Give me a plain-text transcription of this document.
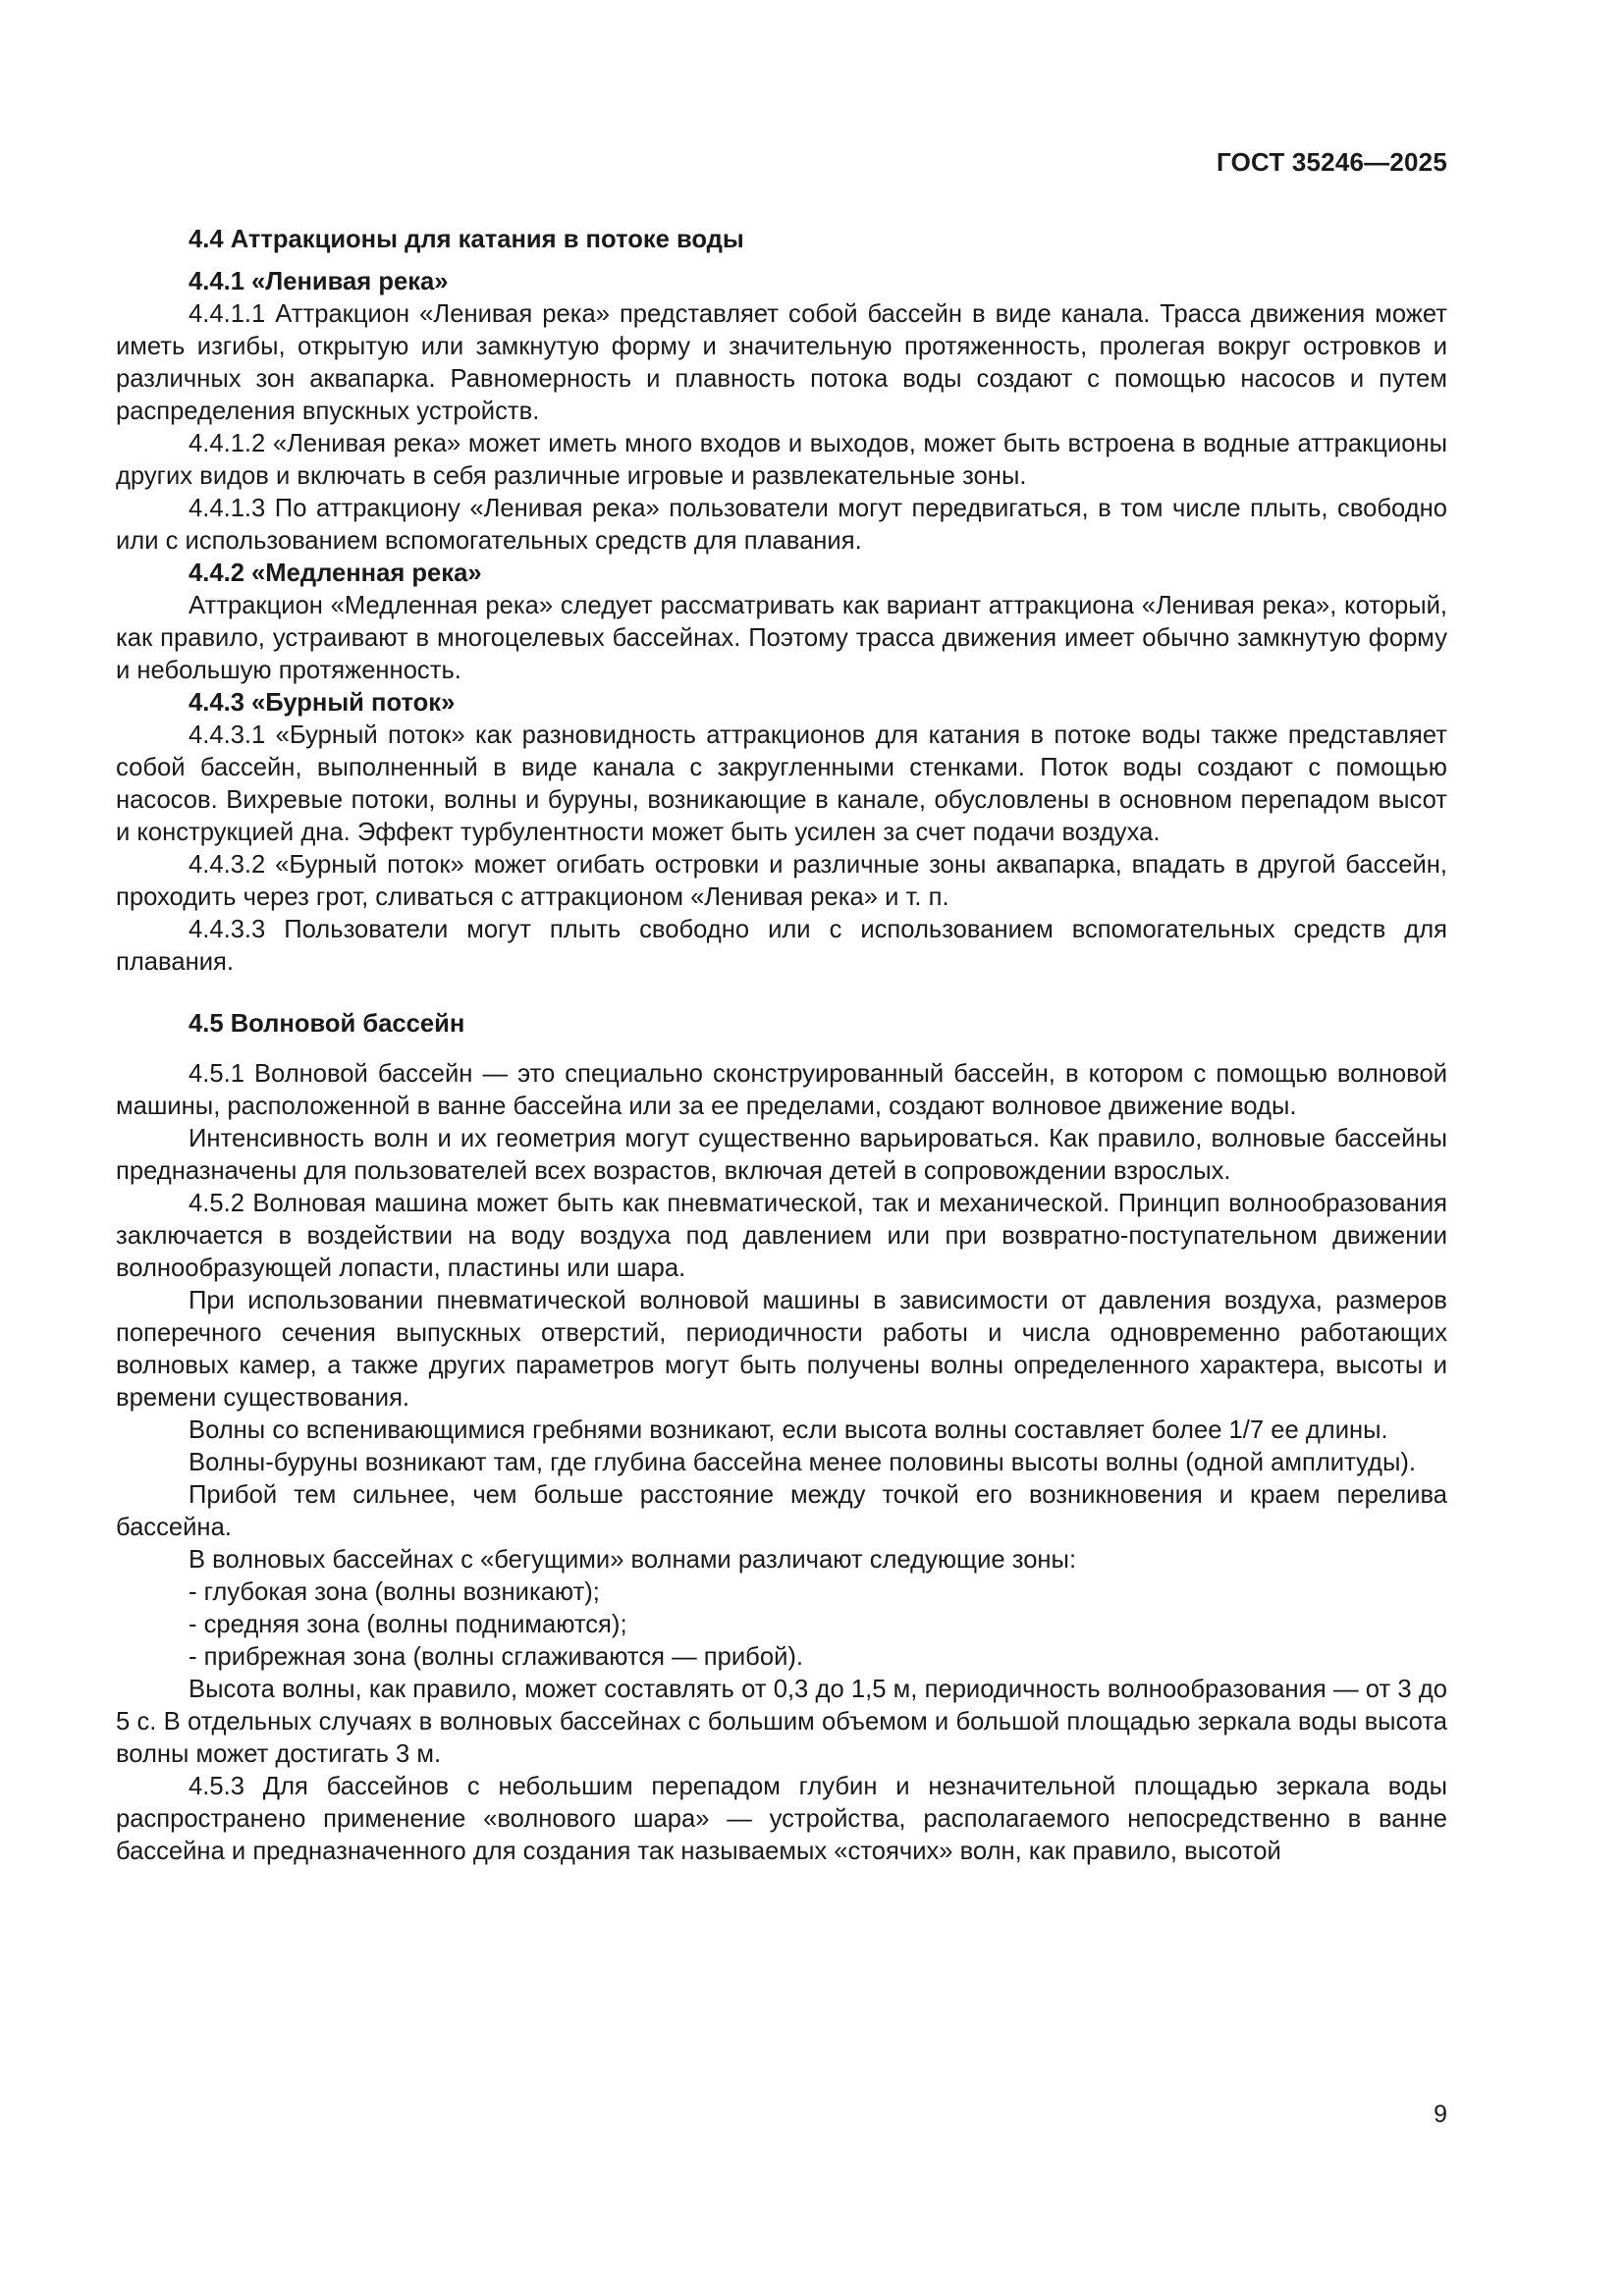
ГОСТ 35246—2025
4.4 Аттракционы для катания в потоке воды
4.4.1 «Ленивая река»

4.4.1.1 Аттракцион «Ленивая река» представляет собой бассейн в виде канала. Трасса движения может иметь изгибы, открытую или замкнутую форму и значительную протяженность, пролегая вокруг островков и различных зон аквапарка. Равномерность и плавность потока воды создают с помощью насосов и путем распределения впускных устройств.

4.4.1.2 «Ленивая река» может иметь много входов и выходов, может быть встроена в водные аттракционы других видов и включать в себя различные игровые и развлекательные зоны.

4.4.1.3 По аттракциону «Ленивая река» пользователи могут передвигаться, в том числе плыть, свободно или с использованием вспомогательных средств для плавания.

4.4.2 «Медленная река»

Аттракцион «Медленная река» следует рассматривать как вариант аттракциона «Ленивая река», который, как правило, устраивают в многоцелевых бассейнах. Поэтому трасса движения имеет обычно замкнутую форму и небольшую протяженность.

4.4.3 «Бурный поток»

4.4.3.1 «Бурный поток» как разновидность аттракционов для катания в потоке воды также представляет собой бассейн, выполненный в виде канала с закругленными стенками. Поток воды создают с помощью насосов. Вихревые потоки, волны и буруны, возникающие в канале, обусловлены в основном перепадом высот и конструкцией дна. Эффект турбулентности может быть усилен за счет подачи воздуха.

4.4.3.2 «Бурный поток» может огибать островки и различные зоны аквапарка, впадать в другой бассейн, проходить через грот, сливаться с аттракционом «Ленивая река» и т. п.

4.4.3.3 Пользователи могут плыть свободно или с использованием вспомогательных средств для плавания.

4.5 Волновой бассейн

4.5.1 Волновой бассейн — это специально сконструированный бассейн, в котором с помощью волновой машины, расположенной в ванне бассейна или за ее пределами, создают волновое движение воды.

Интенсивность волн и их геометрия могут существенно варьироваться. Как правило, волновые бассейны предназначены для пользователей всех возрастов, включая детей в сопровождении взрослых.

4.5.2 Волновая машина может быть как пневматической, так и механической. Принцип волнообразования заключается в воздействии на воду воздуха под давлением или при возвратно-поступательном движении волнообразующей лопасти, пластины или шара.

При использовании пневматической волновой машины в зависимости от давления воздуха, размеров поперечного сечения выпускных отверстий, периодичности работы и числа одновременно работающих волновых камер, а также других параметров могут быть получены волны определенного характера, высоты и времени существования.

Волны со вспенивающимися гребнями возникают, если высота волны составляет более 1/7 ее длины.

Волны-буруны возникают там, где глубина бассейна менее половины высоты волны (одной амплитуды).

Прибой тем сильнее, чем больше расстояние между точкой его возникновения и краем перелива бассейна.

В волновых бассейнах с «бегущими» волнами различают следующие зоны:

- глубокая зона (волны возникают);

- средняя зона (волны поднимаются);

- прибрежная зона (волны сглаживаются — прибой).

Высота волны, как правило, может составлять от 0,3 до 1,5 м, периодичность волнообразования — от 3 до 5 с. В отдельных случаях в волновых бассейнах с большим объемом и большой площадью зеркала воды высота волны может достигать 3 м.

4.5.3 Для бассейнов с небольшим перепадом глубин и незначительной площадью зеркала воды распространено применение «волнового шара» — устройства, располагаемого непосредственно в ванне бассейна и предназначенного для создания так называемых «стоячих» волн, как правило, высотой

9
